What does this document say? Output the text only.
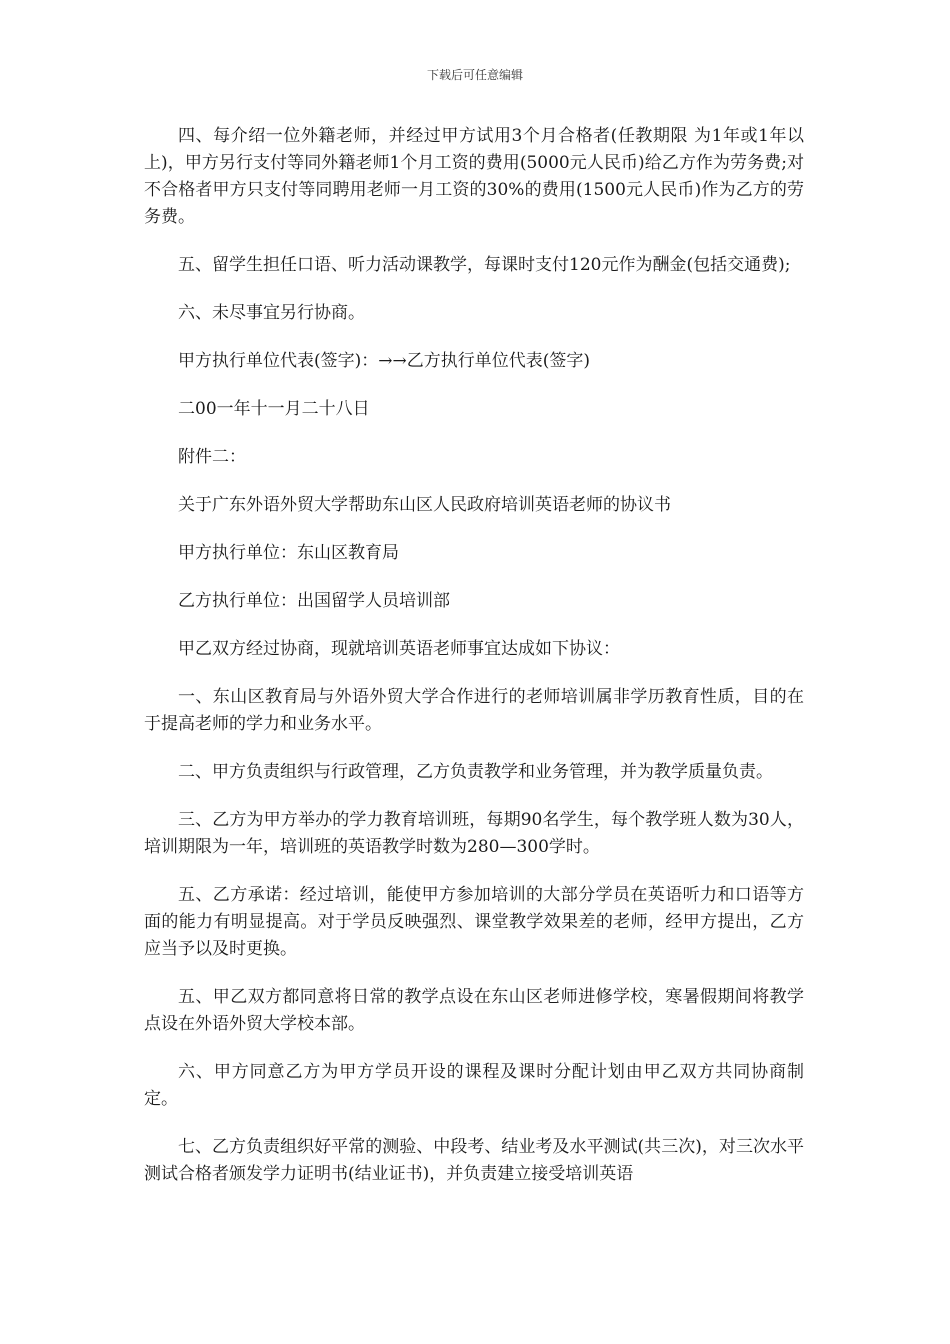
下载后可任意编辑

四、每介绍一位外籍老师，并经过甲方试用3个月合格者(任教期限 为1年或1年以上)，甲方另行支付等同外籍老师1个月工资的费用(5000元人民币)给乙方作为劳务费;对不合格者甲方只支付等同聘用老师一月工资的30%的费用(1500元人民币)作为乙方的劳务费。

五、留学生担任口语、听力活动课教学，每课时支付120元作为酬金(包括交通费);

六、未尽事宜另行协商。

甲方执行单位代表(签字)：→→乙方执行单位代表(签字)

二00一年十一月二十八日

附件二：

关于广东外语外贸大学帮助东山区人民政府培训英语老师的协议书

甲方执行单位：东山区教育局

乙方执行单位：出国留学人员培训部

甲乙双方经过协商，现就培训英语老师事宜达成如下协议：

一、东山区教育局与外语外贸大学合作进行的老师培训属非学历教育性质，目的在于提高老师的学力和业务水平。

二、甲方负责组织与行政管理，乙方负责教学和业务管理，并为教学质量负责。

三、乙方为甲方举办的学力教育培训班，每期90名学生，每个教学班人数为30人，培训期限为一年，培训班的英语教学时数为280—300学时。

五、乙方承诺：经过培训，能使甲方参加培训的大部分学员在英语听力和口语等方面的能力有明显提高。对于学员反映强烈、课堂教学效果差的老师，经甲方提出，乙方应当予以及时更换。

五、甲乙双方都同意将日常的教学点设在东山区老师进修学校，寒暑假期间将教学点设在外语外贸大学校本部。

六、甲方同意乙方为甲方学员开设的课程及课时分配计划由甲乙双方共同协商制定。

七、乙方负责组织好平常的测验、中段考、结业考及水平测试(共三次)，对三次水平测试合格者颁发学力证明书(结业证书)，并负责建立接受培训英语
